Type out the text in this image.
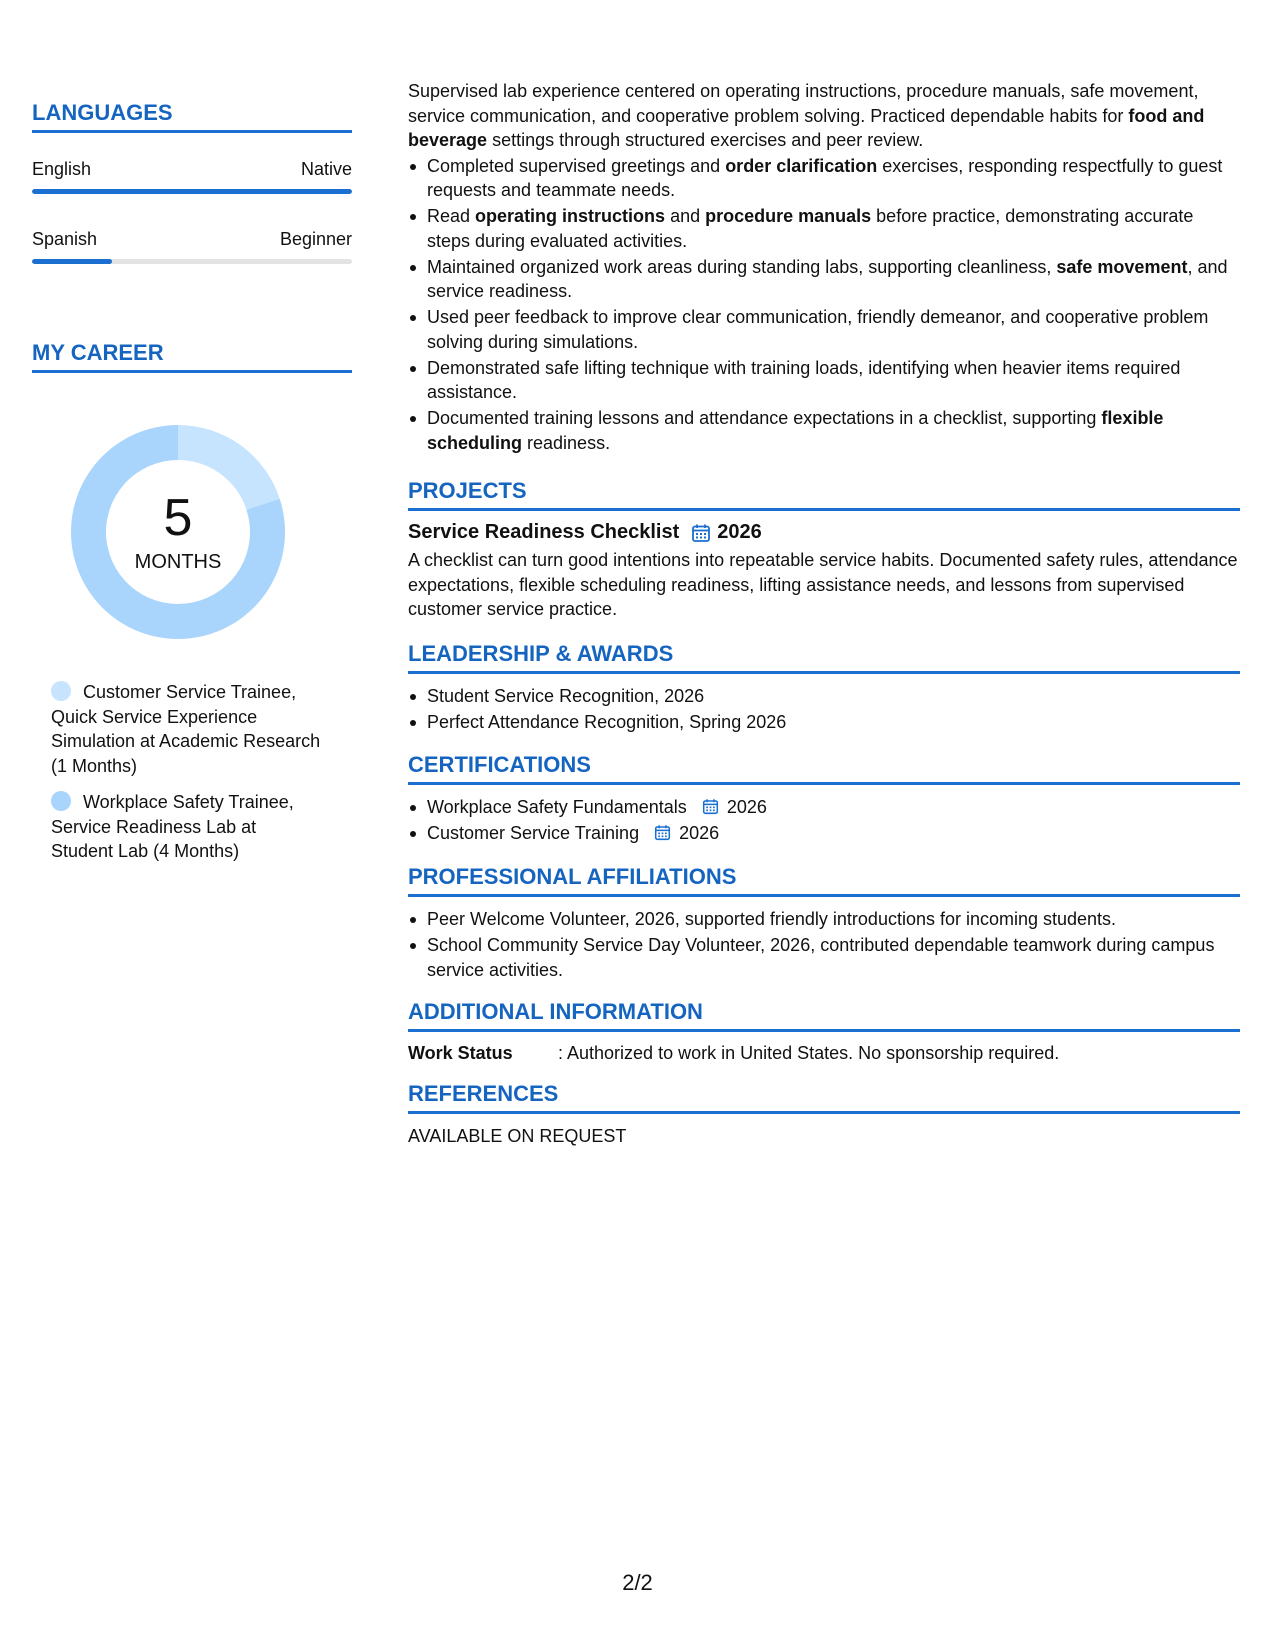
LANGUAGES
English	Native
Spanish	Beginner
MY CAREER
5
MONTHS
Customer Service Trainee, Quick Service Experience Simulation at Academic Research (1 Months)
Workplace Safety Trainee, Service Readiness Lab at Student Lab (4 Months)
Supervised lab experience centered on operating instructions, procedure manuals, safe movement, service communication, and cooperative problem solving. Practiced dependable habits for food and beverage settings through structured exercises and peer review.
Completed supervised greetings and order clarification exercises, responding respectfully to guest requests and teammate needs.
Read operating instructions and procedure manuals before practice, demonstrating accurate steps during evaluated activities.
Maintained organized work areas during standing labs, supporting cleanliness, safe movement, and service readiness.
Used peer feedback to improve clear communication, friendly demeanor, and cooperative problem solving during simulations.
Demonstrated safe lifting technique with training loads, identifying when heavier items required assistance.
Documented training lessons and attendance expectations in a checklist, supporting flexible scheduling readiness.
PROJECTS
Service Readiness Checklist 2026
A checklist can turn good intentions into repeatable service habits. Documented safety rules, attendance expectations, flexible scheduling readiness, lifting assistance needs, and lessons from supervised customer service practice.
LEADERSHIP & AWARDS
Student Service Recognition, 2026
Perfect Attendance Recognition, Spring 2026
CERTIFICATIONS
Workplace Safety Fundamentals 2026
Customer Service Training 2026
PROFESSIONAL AFFILIATIONS
Peer Welcome Volunteer, 2026, supported friendly introductions for incoming students.
School Community Service Day Volunteer, 2026, contributed dependable teamwork during campus service activities.
ADDITIONAL INFORMATION
Work Status	: Authorized to work in United States. No sponsorship required.
REFERENCES
AVAILABLE ON REQUEST
2/2
